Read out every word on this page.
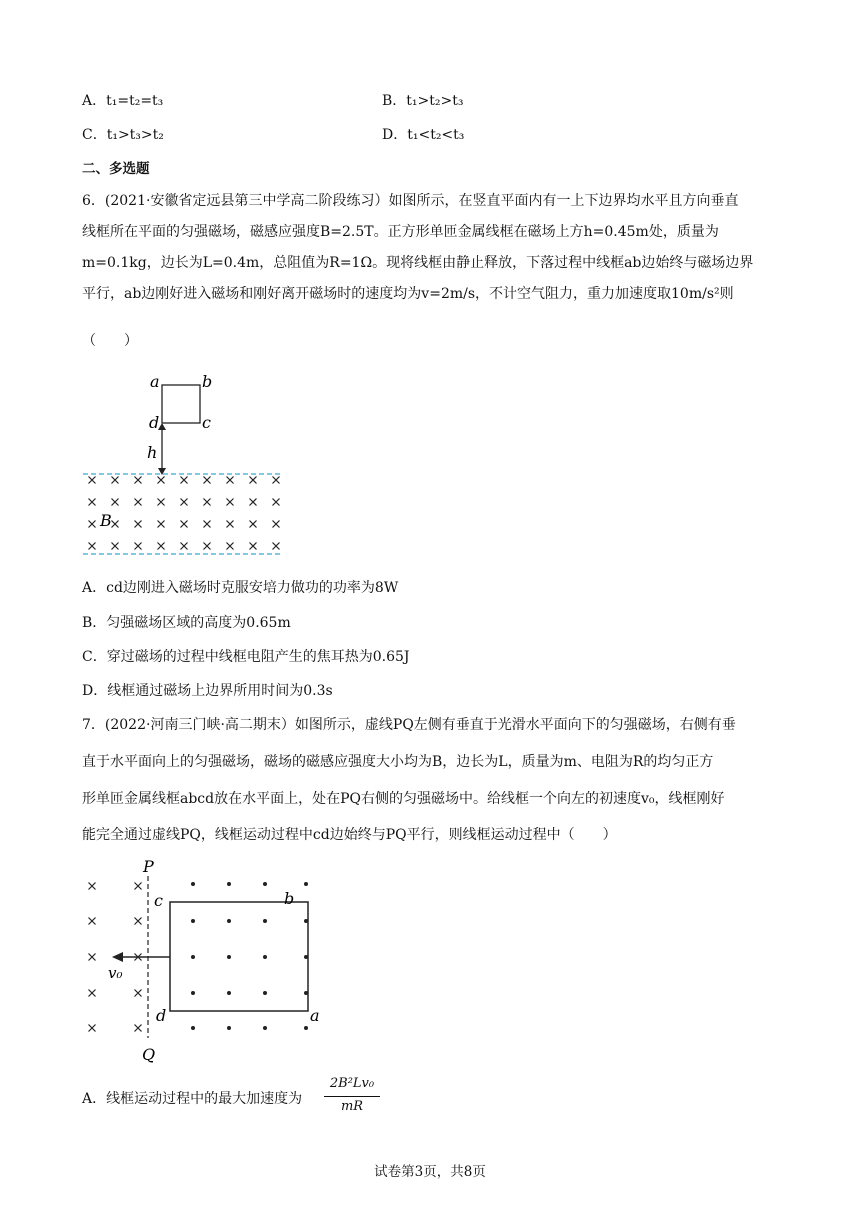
A．t₁=t₂=t₃	B．t₁>t₂>t₃
C．t₁>t₃>t₂	D．t₁<t₂<t₃
二、多选题
6．(2021·安徽省定远县第三中学高二阶段练习）如图所示，在竖直平面内有一上下边界均水平且方向垂直
线框所在平面的匀强磁场，磁感应强度B=2.5T。正方形单匝金属线框在磁场上方h=0.45m处，质量为
m=0.1kg，边长为L=0.4m，总阻值为R=1Ω。现将线框由静止释放，下落过程中线框ab边始终与磁场边界
平行，ab边刚好进入磁场和刚好离开磁场时的速度均为v=2m/s，不计空气阻力，重力加速度取10m/s²则
（　　）
a	b
c
d
h
B
A．cd边刚进入磁场时克服安培力做功的功率为8W
B．匀强磁场区域的高度为0.65m
C．穿过磁场的过程中线框电阻产生的焦耳热为0.65J
D．线框通过磁场上边界所用时间为0.3s
7．(2022·河南三门峡·高二期末）如图所示，虚线PQ左侧有垂直于光滑水平面向下的匀强磁场，右侧有垂
直于水平面向上的匀强磁场，磁场的磁感应强度大小均为B，边长为L，质量为m、电阻为R的均匀正方
形单匝金属线框abcd放在水平面上，处在PQ右侧的匀强磁场中。给线框一个向左的初速度v₀，线框刚好
能完全通过虚线PQ，线框运动过程中cd边始终与PQ平行，则线框运动过程中（　　）
P
Q
c	b
d	a
v₀
A．线框运动过程中的最大加速度为
2B²Lv₀
mR
试卷第3页，共8页
